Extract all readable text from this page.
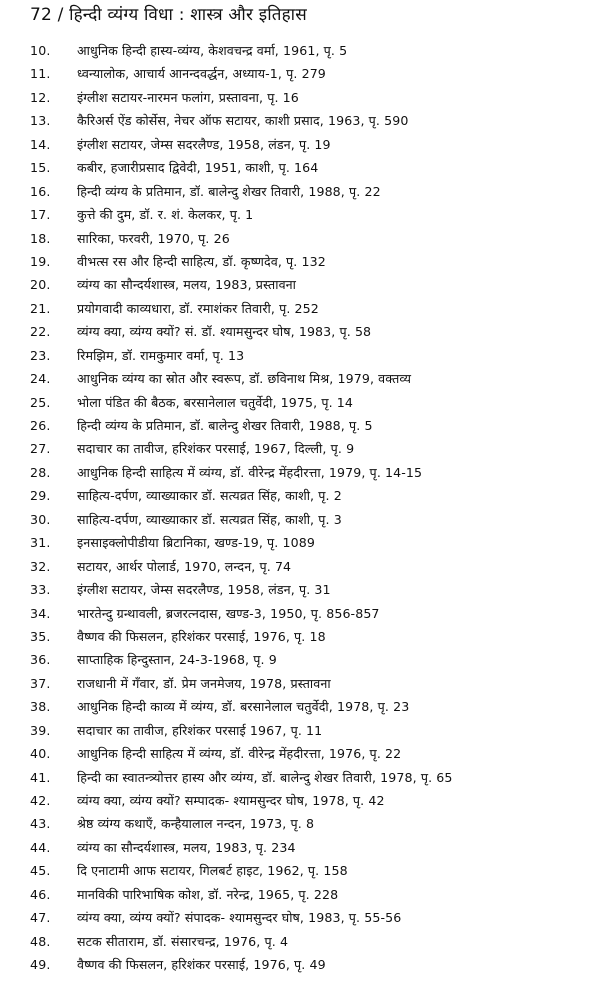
72 / हिन्दी व्यंग्य विधा : शास्त्र और इतिहास
10.	आधुनिक हिन्दी हास्य-व्यंग्य, केशवचन्द्र वर्मा, 1961, पृ. 5
11.	ध्वन्यालोक, आचार्य आनन्दवर्द्धन, अध्याय-1, पृ. 279
12.	इंग्लीश सटायर-नारमन फलांग, प्रस्तावना, पृ. 16
13.	कैरिअर्स ऐंड कोर्सेस, नेचर ऑफ सटायर, काशी प्रसाद, 1963, पृ. 590
14.	इंग्लीश सटायर, जेम्स सदरलैण्ड, 1958, लंडन, पृ. 19
15.	कबीर, हजारीप्रसाद द्विवेदी, 1951, काशी, पृ. 164
16.	हिन्दी व्यंग्य के प्रतिमान, डॉ. बालेन्दु शेखर तिवारी, 1988, पृ. 22
17.	कुत्ते की दुम, डॉ. र. शं. केलकर, पृ. 1
18.	सारिका, फरवरी, 1970, पृ. 26
19.	वीभत्स रस और हिन्दी साहित्य, डॉ. कृष्णदेव, पृ. 132
20.	व्यंग्य का सौन्दर्यशास्त्र, मलय, 1983, प्रस्तावना
21.	प्रयोगवादी काव्यधारा, डॉ. रमाशंकर तिवारी, पृ. 252
22.	व्यंग्य क्या, व्यंग्य क्यों? सं. डॉ. श्यामसुन्दर घोष, 1983, पृ. 58
23.	रिमझिम, डॉ. रामकुमार वर्मा, पृ. 13
24.	आधुनिक व्यंग्य का स्रोत और स्वरूप, डॉ. छविनाथ मिश्र, 1979, वक्तव्य
25.	भोला पंडित की बैठक, बरसानेलाल चतुर्वेदी, 1975, पृ. 14
26.	हिन्दी व्यंग्य के प्रतिमान, डॉ. बालेन्दु शेखर तिवारी, 1988, पृ. 5
27.	सदाचार का तावीज, हरिशंकर परसाई, 1967, दिल्ली, पृ. 9
28.	आधुनिक हिन्दी साहित्य में व्यंग्य, डॉ. वीरेन्द्र मेंहदीरत्ता, 1979, पृ. 14-15
29.	साहित्य-दर्पण, व्याख्याकार डॉ. सत्यव्रत सिंह, काशी, पृ. 2
30.	साहित्य-दर्पण, व्याख्याकार डॉ. सत्यव्रत सिंह, काशी, पृ. 3
31.	इनसाइक्लोपीडीया ब्रिटानिका, खण्ड-19, पृ. 1089
32.	सटायर, आर्थर पोलार्ड, 1970, लन्दन, पृ. 74
33.	इंग्लीश सटायर, जेम्स सदरलैण्ड, 1958, लंडन, पृ. 31
34.	भारतेन्दु ग्रन्थावली, ब्रजरत्नदास, खण्ड-3, 1950, पृ. 856-857
35.	वैष्णव की फिसलन, हरिशंकर परसाई, 1976, पृ. 18
36.	साप्ताहिक हिन्दुस्तान, 24-3-1968, पृ. 9
37.	राजधानी में गँवार, डॉ. प्रेम जनमेजय, 1978, प्रस्तावना
38.	आधुनिक हिन्दी काव्य में व्यंग्य, डॉ. बरसानेलाल चतुर्वेदी, 1978, पृ. 23
39.	सदाचार का तावीज, हरिशंकर परसाई 1967, पृ. 11
40.	आधुनिक हिन्दी साहित्य में व्यंग्य, डॉ. वीरेन्द्र मेंहदीरत्ता, 1976, पृ. 22
41.	हिन्दी का स्वातन्त्र्योत्तर हास्य और व्यंग्य, डॉ. बालेन्दु शेखर तिवारी, 1978, पृ. 65
42.	व्यंग्य क्या, व्यंग्य क्यों? सम्पादक- श्यामसुन्दर घोष, 1978, पृ. 42
43.	श्रेष्ठ व्यंग्य कथाएँ, कन्हैयालाल नन्दन, 1973, पृ. 8
44.	व्यंग्य का सौन्दर्यशास्त्र, मलय, 1983, पृ. 234
45.	दि एनाटामी आफ सटायर, गिलबर्ट हाइट, 1962, पृ. 158
46.	मानविकी पारिभाषिक कोश, डॉ. नरेन्द्र, 1965, पृ. 228
47.	व्यंग्य क्या, व्यंग्य क्यों? संपादक- श्यामसुन्दर घोष, 1983, पृ. 55-56
48.	सटक सीताराम, डॉ. संसारचन्द्र, 1976, पृ. 4
49.	वैष्णव की फिसलन, हरिशंकर परसाई, 1976, पृ. 49
